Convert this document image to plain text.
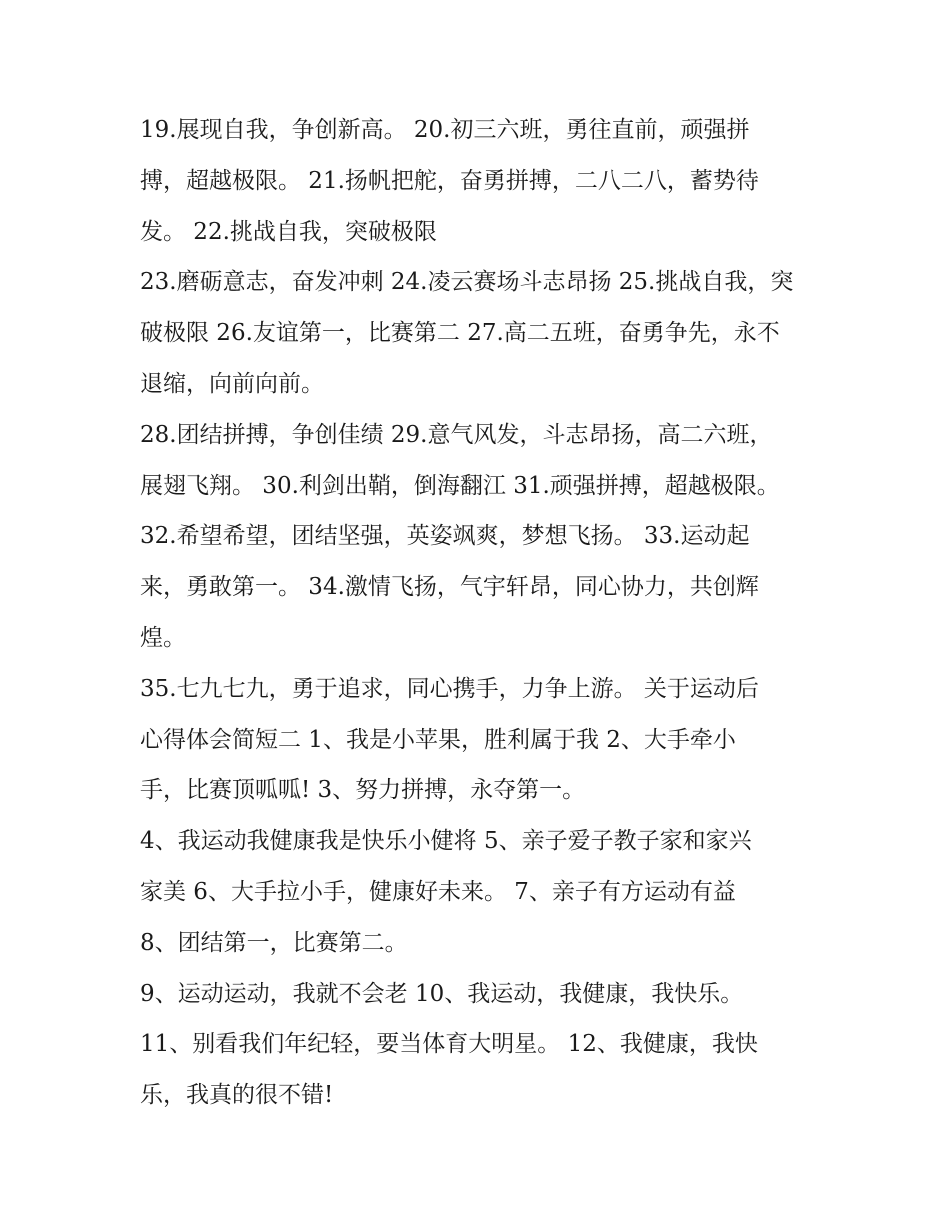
19.展现自我，争创新高。 20.初三六班，勇往直前，顽强拼
搏，超越极限。 21.扬帆把舵，奋勇拼搏，二八二八，蓄势待
发。 22.挑战自我，突破极限

23.磨砺意志，奋发冲刺 24.凌云赛场斗志昂扬 25.挑战自我，突
破极限 26.友谊第一，比赛第二 27.高二五班，奋勇争先，永不
退缩，向前向前。

28.团结拼搏，争创佳绩 29.意气风发，斗志昂扬，高二六班，
展翅飞翔。 30.利剑出鞘，倒海翻江 31.顽强拼搏，超越极限。

32.希望希望，团结坚强，英姿飒爽，梦想飞扬。 33.运动起
来，勇敢第一。 34.激情飞扬，气宇轩昂，同心协力，共创辉
煌。

35.七九七九，勇于追求，同心携手，力争上游。 关于运动后
心得体会简短二 1、我是小苹果，胜利属于我 2、大手牵小
手，比赛顶呱呱! 3、努力拼搏，永夺第一。

4、我运动我健康我是快乐小健将 5、亲子爱子教子家和家兴
家美 6、大手拉小手，健康好未来。 7、亲子有方运动有益

8、团结第一，比赛第二。

9、运动运动，我就不会老 10、我运动，我健康，我快乐。

11、别看我们年纪轻，要当体育大明星。 12、我健康，我快
乐，我真的很不错!
